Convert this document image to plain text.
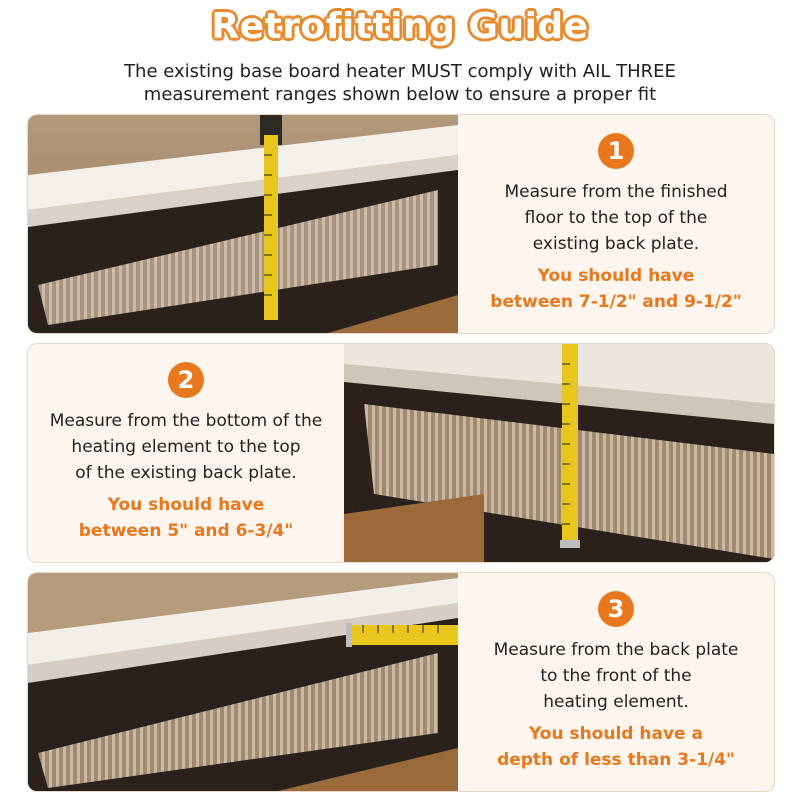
Retrofitting Guide
The existing base board heater MUST comply with AIL THREE measurement ranges shown below to ensure a proper fit
1
Measure from the finished
floor to the top of the
existing back plate.
You should have
between 7-1/2" and 9-1/2"
2
Measure from the bottom of the
heating element to the top
of the existing back plate.
You should have
between 5" and 6-3/4"
3
Measure from the back plate
to the front of the
heating element.
You should have a
depth of less than 3-1/4"
